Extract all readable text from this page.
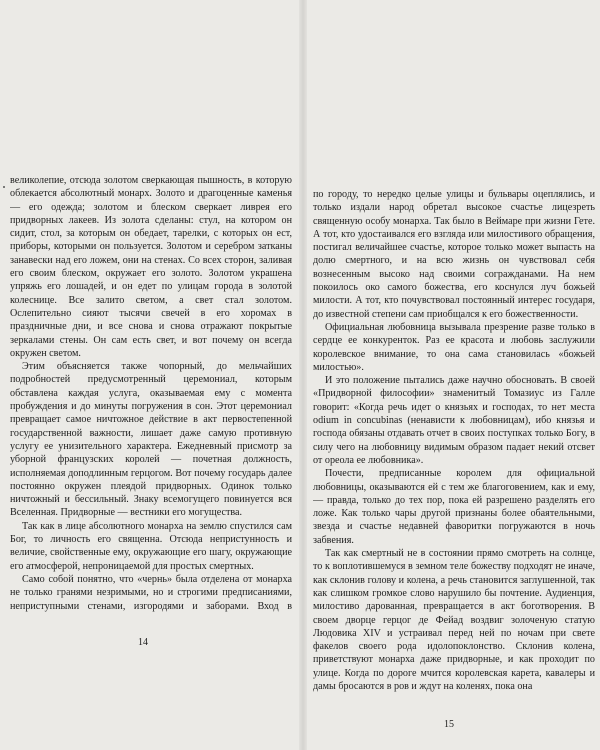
великолепие, отсюда золотом сверкающая пышность, в которую облекается абсолютный монарх. Золото и драгоценные каменья — его одежда; золотом и блеском сверкает ливрея его придворных лакеев. Из золота сделаны: стул, на котором он сидит, стол, за которым он обедает, тарелки, с которых он ест, приборы, которыми он пользуется. Золотом и серебром затканы занавески над его ложем, они на стенах. Со всех сторон, заливая его своим блеском, окружает его золото. Золотом украшена упряжь его лошадей, и он едет по улицам города в золотой колеснице. Все залито светом, а свет стал золотом. Ослепительно сияют тысячи свечей в его хоромах в праздничные дни, и все снова и снова отражают покрытые зеркалами стены. Он сам есть свет, и вот почему он всегда окружен светом.

Этим объясняется также чопорный, до мельчайших подробностей предусмотренный церемониал, которым обставлена каждая услуга, оказываемая ему с момента пробуждения и до минуты погружения в сон. Этот церемониал превращает самое ничтожное действие в акт первостепенной государственной важности, лишает даже самую противную услугу ее унизительного характера. Ежедневный присмотр за уборной французских королей — почетная должность, исполняемая доподлинным герцогом. Вот почему государь далее постоянно окружен плеядой придворных. Одинок только ничтожный и бессильный. Знаку всемогущего повинуется вся Вселенная. Придворные — вестники его могущества.

Так как в лице абсолютного монарха на землю спустился сам Бог, то личность его священна. Отсюда непристунность и величие, свойственные ему, окружающие его шагу, окружающие его атмосферой, непроницаемой для простых смертных.

Само собой понятно, что «чернь» была отделена от монарха не только гранями незримыми, но и строгими предписаниями, неприступными стенами, изгородями и заборами. Вход в

14

по городу, то нередко целые улицы и бульвары оцеплялись, и только издали народ обретал высокое счастье лицезреть священную особу монарха. Так было в Веймаре при жизни Гете. А тот, кто удостаивался его взгляда или милостивого обращения, постигал величайшее счастье, которое только может выпасть на долю смертного, и на всю жизнь он чувствовал себя вознесенным высоко над своими согражданами. На нем покоилось око самого божества, его коснулся луч божьей милости. А тот, кто почувствовал постоянный интерес государя, до известной степени сам приобщался к его божественности.

Официальная любовница вызывала презрение разве только в сердце ее конкуренток. Раз ее красота и любовь заслужили королевское внимание, то она сама становилась «божьей милостью».

И это положение пытались даже научно обосновать. В своей «Придворной философии» знаменитый Томазиус из Галле говорит: «Когда речь идет о князьях и господах, то нет места odium in concubinas (ненависти к любовницам), ибо князья и господа обязаны отдавать отчет в своих поступках только Богу, в силу чего на любовницу видимым образом падает некий отсвет от ореола ее любовника».

Почести, предписанные королем для официальной любовницы, оказываются ей с тем же благоговением, как и ему, — правда, только до тех пор, пока ей разрешено разделять его ложе. Как только чары другой признаны более обаятельными, звезда и счастье недавней фаворитки погружаются в ночь забвения.

Так как смертный не в состоянии прямо смотреть на солнце, то к воплотившемуся в земном теле божеству подходят не иначе, как склонив голову и колена, а речь становится заглушенной, так как слишком громкое слово нарушило бы почтение. Аудиенция, милостиво дарованная, превращается в акт боготворения. В своем дворце герцог де Фейад воздвиг золоченую статую Людовика XIV и устраивал перед ней по ночам при свете факелов своего рода идолопоклонство. Склонив колена, приветствуют монарха даже придворные, и как проходит по улице. Когда по дороге мчится королевская карета, кавалеры и дамы бросаются в ров и ждут на коленях, пока она

15
